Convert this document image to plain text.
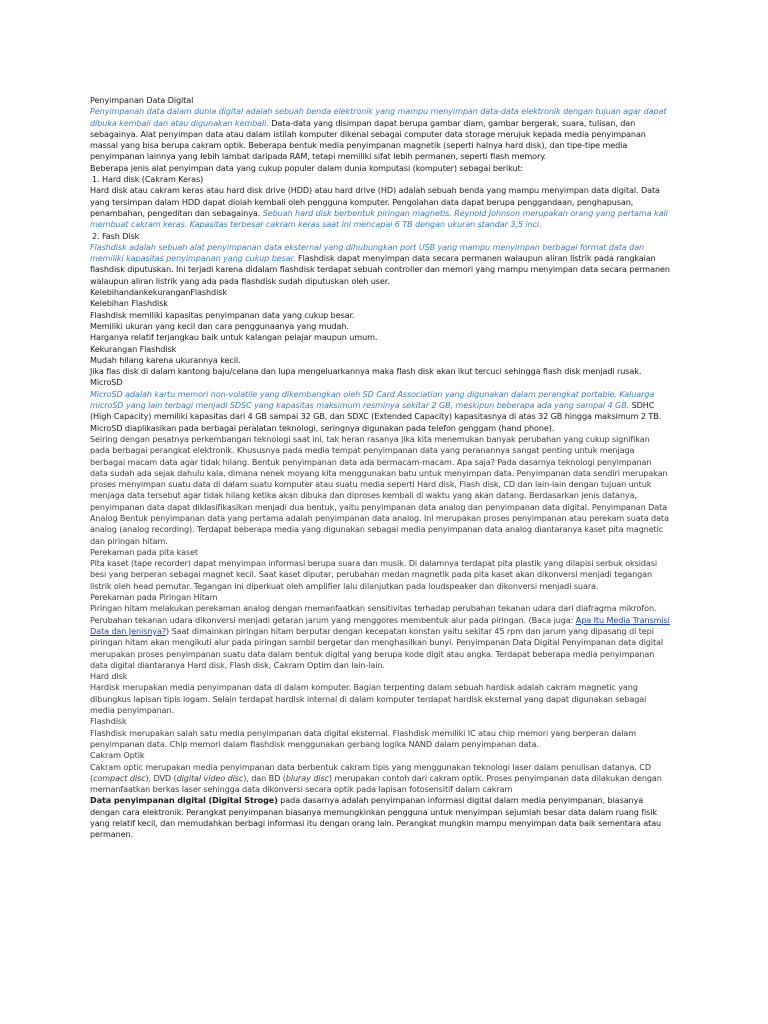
Penyimpanan Data Digital

Penyimpanan data dalam dunia digital adalah sebuah benda elektronik yang mampu menyimpan data-data elektronik dengan tujuan agar dapat dibuka kembali dan atau digunakan kembali. Data-data yang disimpan dapat berupa gambar diam, gambar bergerak, suara, tulisan, dan sebagainya. Alat penyimpan data atau dalam istilah komputer dikenal sebagai computer data storage merujuk kepada media penyimpanan massal yang bisa berupa cakram optik. Beberapa bentuk media penyimpanan magnetik (seperti halnya hard disk), dan tipe-tipe media penyimpanan lainnya yang lebih lambat daripada RAM, tetapi memiliki sifat lebih permanen, seperti flash memory.

Beberapa jenis alat penyimpan data yang cukup populer dalam dunia komputasi (komputer) sebagai berikut:

1. Hard disk (Cakram Keras)

Hard disk atau cakram keras atau hard disk drive (HDD) atau hard drive (HD) adalah sebuah benda yang mampu menyimpan data digital. Data yang tersimpan dalam HDD dapat diolah kembali oleh pengguna komputer. Pengolahan data dapat berupa penggandaan, penghapusan, penambahan, pengeditan dan sebagainya. Sebuah hard disk berbentuk piringan magnetis. Reynold Johnson merupakan orang yang pertama kali membuat cakram keras. Kapasitas terbesar cakram keras saat ini mencapai 6 TB dengan ukuran standar 3,5 inci.

2. Fash Disk

Flashdisk adalah sebuah alat penyimpanan data eksternal yang dihubungkan port USB yang mampu menyimpan berbagai format data dan memiliki kapasitas penyimpanan yang cukup besar. Flashdisk dapat menyimpan data secara permanen walaupun aliran listrik pada rangkaian flashdisk diputuskan. Ini terjadi karena didalam flashdisk terdapat sebuah controller dan memori yang mampu menyimpan data secara permanen walaupun aliran listrik yang ada pada flashdisk sudah diputuskan oleh user.

KelebihandankekuranganFlashdisk

Kelebihan Flashdisk

Flashdisk memiliki kapasitas penyimpanan data yang cukup besar.

Memiliki ukuran yang kecil dan cara penggunaanya yang mudah.

Harganya relatif terjangkau baik untuk kalangan pelajar maupun umum.

Kekurangan Flashdisk

Mudah hilang karena ukurannya kecil.

Jika flas disk di dalam kantong baju/celana dan lupa mengeluarkannya maka flash disk akan ikut tercuci sehingga flash disk menjadi rusak.

MicroSD

MicroSD adalah kartu memori non-volatile yang dikembangkan oleh SD Card Association yang digunakan dalam perangkat portable. Kaluarga microSD yang lain terbagi menjadi SDSC yang kapasitas maksimum resminya sekitar 2 GB, meskipun beberapa ada yang sampai 4 GB. SDHC (High Capacity) memiliki kapasitas dari 4 GB sampai 32 GB, dan SDXC (Extended Capacity) kapasitasnya di atas 32 GB hingga maksimum 2 TB. MicroSD diaplikasikan pada berbagai peralatan teknologi, seringnya digunakan pada telefon genggam (hand phone).

Seiring dengan pesatnya perkembangan teknologi saat ini, tak heran rasanya jika kita menemukan banyak perubahan yang cukup signifikan pada berbagai perangkat elektronik. Khususnya pada media tempat penyimpanan data yang peranannya sangat penting untuk menjaga berbagai macam data agar tidak hilang. Bentuk penyimpanan data ada bermacam-macam. Apa saja? Pada dasarnya teknologi penyimpanan data sudah ada sejak dahulu kala, dimana nenek moyang kita menggunakan batu untuk menyimpan data. Penyimpanan data sendiri merupakan proses menyimpan suatu data di dalam suatu komputer atau suatu media seperti Hard disk, Flash disk, CD dan lain-lain dengan tujuan untuk menjaga data tersebut agar tidak hilang ketika akan dibuka dan diproses kembali di waktu yang akan datang. Berdasarkan jenis datanya, penyimpanan data dapat diklasifikasikan menjadi dua bentuk, yaitu penyimpanan data analog dan penyimpanan data digital. Penyimpanan Data

Analog Bentuk penyimpanan data yang pertama adalah penyimpanan data analog. Ini merupakan proses penyimpanan atau perekam suata data analog (analog recording). Terdapat beberapa media yang digunakan sebagai media penyimpanan data analog diantaranya kaset pita magnetic dan piringan hitam.

Perekaman pada pita kaset

Pita kaset (tape recorder) dapat menyimpan informasi berupa suara dan musik. Di dalamnya terdapat pita plastik yang dilapisi serbuk oksidasi besi yang berperan sebagai magnet kecil. Saat kaset diputar, perubahan medan magnetik pada pita kaset akan dikonversi menjadi tegangan listrik oleh head pemutar. Tegangan ini diperkuat oleh amplifier lalu dilanjutkan pada loudspeaker dan dikonversi menjadi suara.

Perekaman pada Piringan Hitam

Piringan hitam melakukan perekaman analog dengan memanfaatkan sensitivitas terhadap perubahan tekanan udara dari diafragma mikrofon. Perubahan tekanan udara dikonversi menjadi getaran jarum yang menggores membentuk alur pada piringan. (Baca juga: Apa Itu Media Transmisi Data dan Jenisnya?) Saat dimainkan piringan hitam berputar dengan kecepatan konstan yaitu sekitar 45 rpm dan jarum yang dipasang di tepi piringan hitam akan mengikuti alur pada piringan sambil bergetar dan menghasilkan bunyi. Penyimpanan Data Digital Penyimpanan data digital merupakan proses penyimpanan suatu data dalam bentuk digital yang berupa kode digit atau angka. Terdapat beberapa media penyimpanan data digital diantaranya Hard disk, Flash disk, Cakram Optim dan lain-lain.

Hard disk

Hardisk merupakan media penyimpanan data di dalam komputer. Bagian terpenting dalam sebuah hardisk adalah cakram magnetic yang dibungkus lapisan tipis logam. Selain terdapat hardisk internal di dalam komputer terdapat hardisk eksternal yang dapat digunakan sebagai media penyimpanan.

Flashdisk

Flashdisk merupakan salah satu media penyimpanan data digital eksternal. Flashdisk memiliki IC atau chip memori yang berperan dalam penyimpanan data. Chip memori dalam flashdisk menggunakan gerbang logika NAND dalam penyimpanan data.

Cakram Optik

Cakram optic merupakan media penyimpanan data berbentuk cakram tipis yang menggunakan teknologi laser dalam penulisan datanya. CD (compact disc), DVD (digital video disc), dan BD (bluray disc) merupakan contoh dari cakram optik. Proses penyimpanan data dilakukan dengan memanfaatkan berkas laser sehingga data dikonversi secara optik pada lapisan fotosensitif dalam cakram

Data penyimpanan digital (Digital Stroge) pada dasarnya adalah penyimpanan informasi digital dalam media penyimpanan, biasanya dengan cara elektronik. Perangkat penyimpanan biasanya memungkinkan pengguna untuk menyimpan sejumlah besar data dalam ruang fisik yang relatif kecil, dan memudahkan berbagi informasi itu dengan orang lain. Perangkat mungkin mampu menyimpan data baik sementara atau permanen.
